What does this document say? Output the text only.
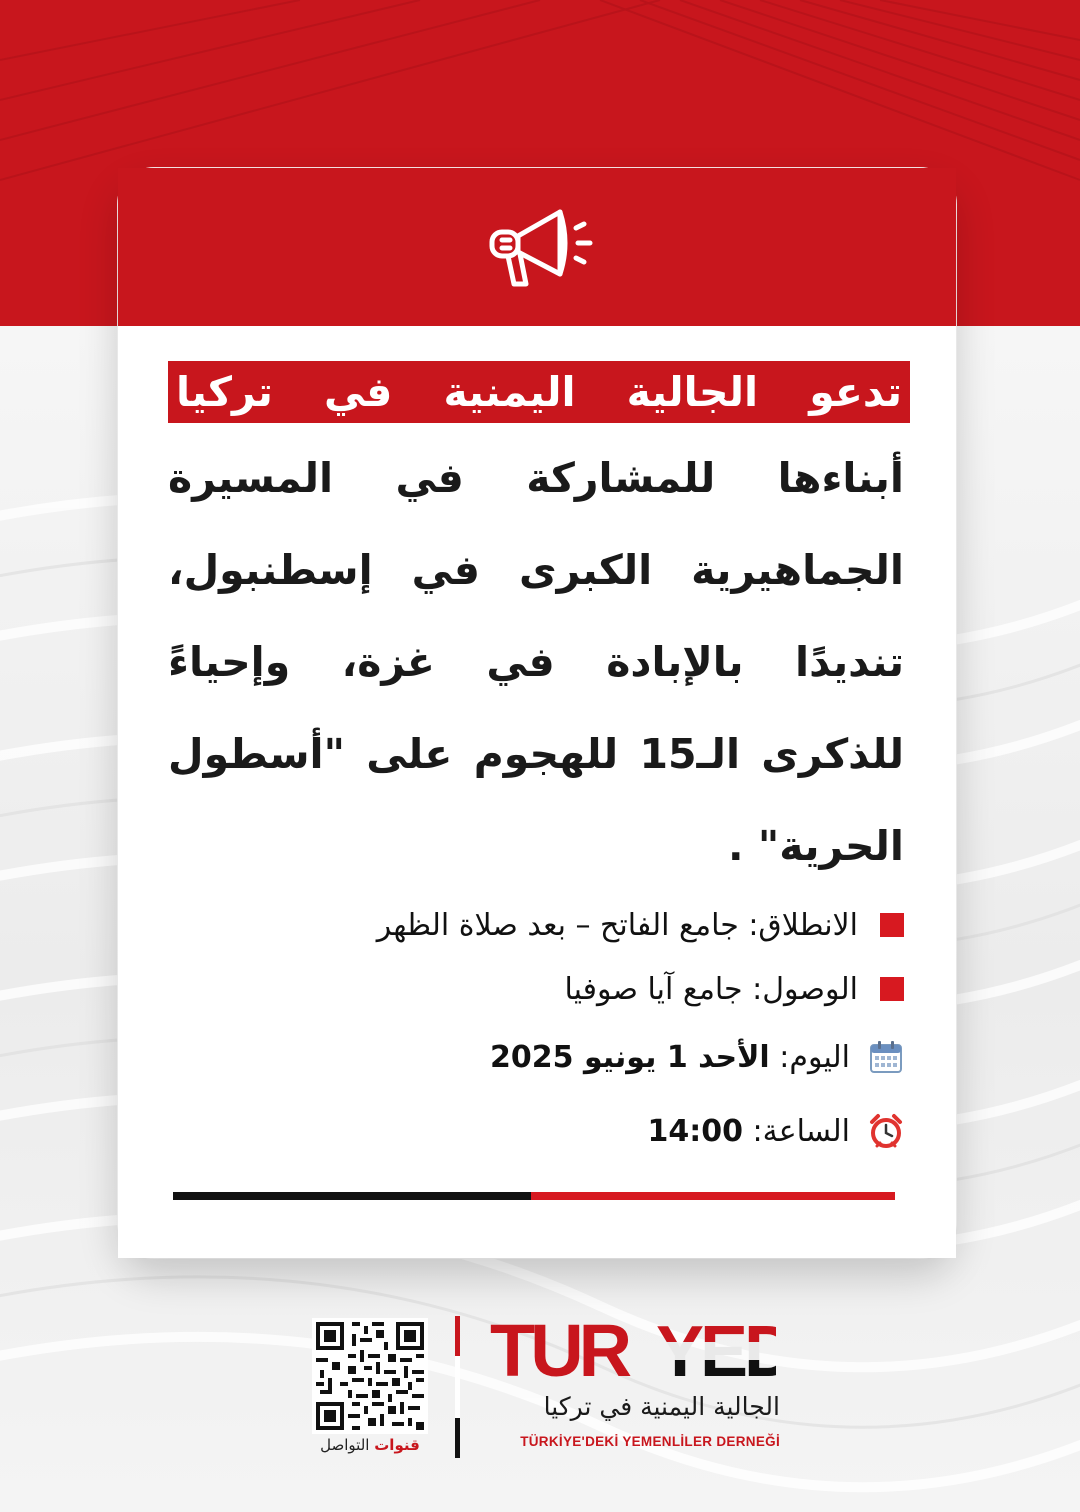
تدعو الجالية اليمنية في تركيا
أبناءها للمشاركة في المسيرة
الجماهيرية الكبرى في إسطنبول،
تنديدًا بالإبادة في غزة، وإحياءً
للذكرى الـ15 للهجوم على "أسطول
الحرية" .
الانطلاق: جامع الفاتح – بعد صلاة الظهر
الوصول: جامع آيا صوفيا
اليوم: الأحد 1 يونيو 2025
الساعة: 14:00
قنوات التواصل
TUR
الجالية اليمنية في تركيا
TÜRKİYE'DEKİ YEMENLİLER DERNEĞİ
